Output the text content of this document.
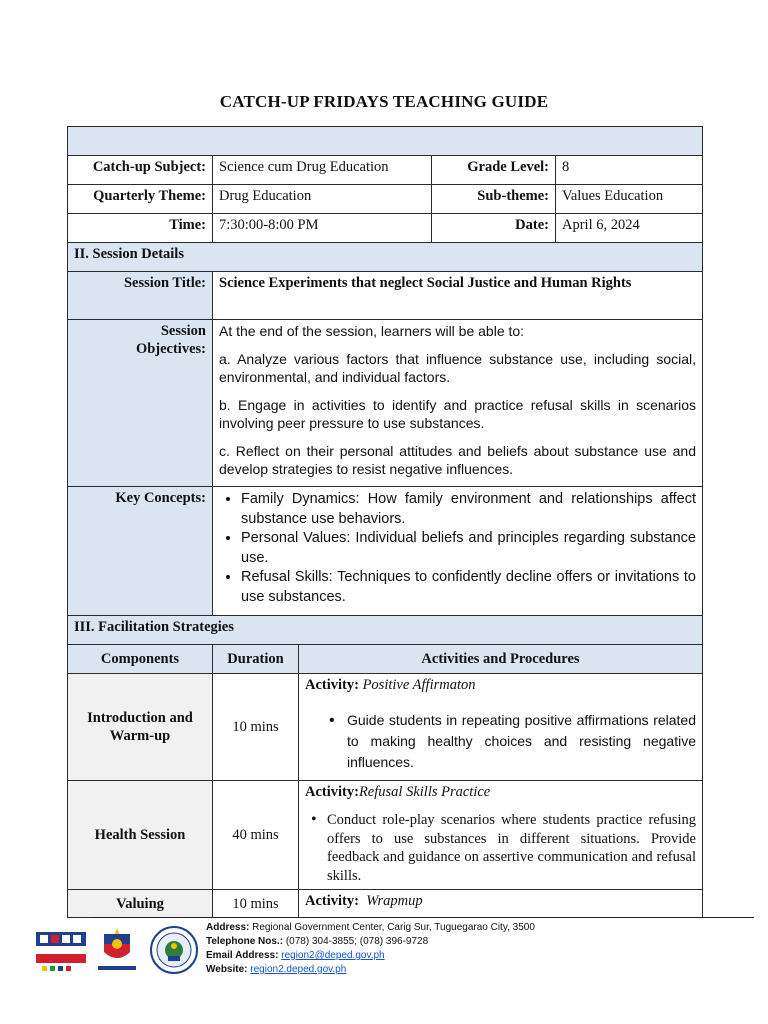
CATCH-UP FRIDAYS TEACHING GUIDE
Catch-up Subject: Science cum Drug Education	Grade Level: 8
Quarterly Theme: Drug Education	Sub-theme: Values Education
Time: 7:30:00-8:00 PM	Date: April 6, 2024
II. Session Details
Session Title: Science Experiments that neglect Social Justice and Human Rights
Session
Objectives:

At the end of the session, learners will be able to:

a. Analyze various factors that influence substance use, including social, environmental, and individual factors.

b. Engage in activities to identify and practice refusal skills in scenarios involving peer pressure to use substances.

c. Reflect on their personal attitudes and beliefs about substance use and develop strategies to resist negative influences.

Key Concepts:
•	Family Dynamics: How family environment and relationships affect substance use behaviors.
• Personal Values: Individual beliefs and principles regarding substance use.
• Refusal Skills: Techniques to confidently decline offers or invitations to use substances.
III. Facilitation Strategies
Components	Duration	Activities and Procedures
Introduction and Warm-up
10 mins
Activity: Positive Affirmaton
• Guide students in repeating positive affirmations related to making healthy choices and resisting negative influences.
Health Session	40 mins
Activity:Refusal Skills Practice
• Conduct role-play scenarios where students practice refusing offers to use substances in different situations. Provide feedback and guidance on assertive communication and refusal skills.
Valuing	10 mins	Activity: Wrapmup
Address: Regional Government Center, Carig Sur, Tuguegarao City, 3500
Telephone Nos.: (078) 304-3855; (078) 396-9728
Email Address: region2@deped.gov.ph
Website: region2.deped.gov.ph
